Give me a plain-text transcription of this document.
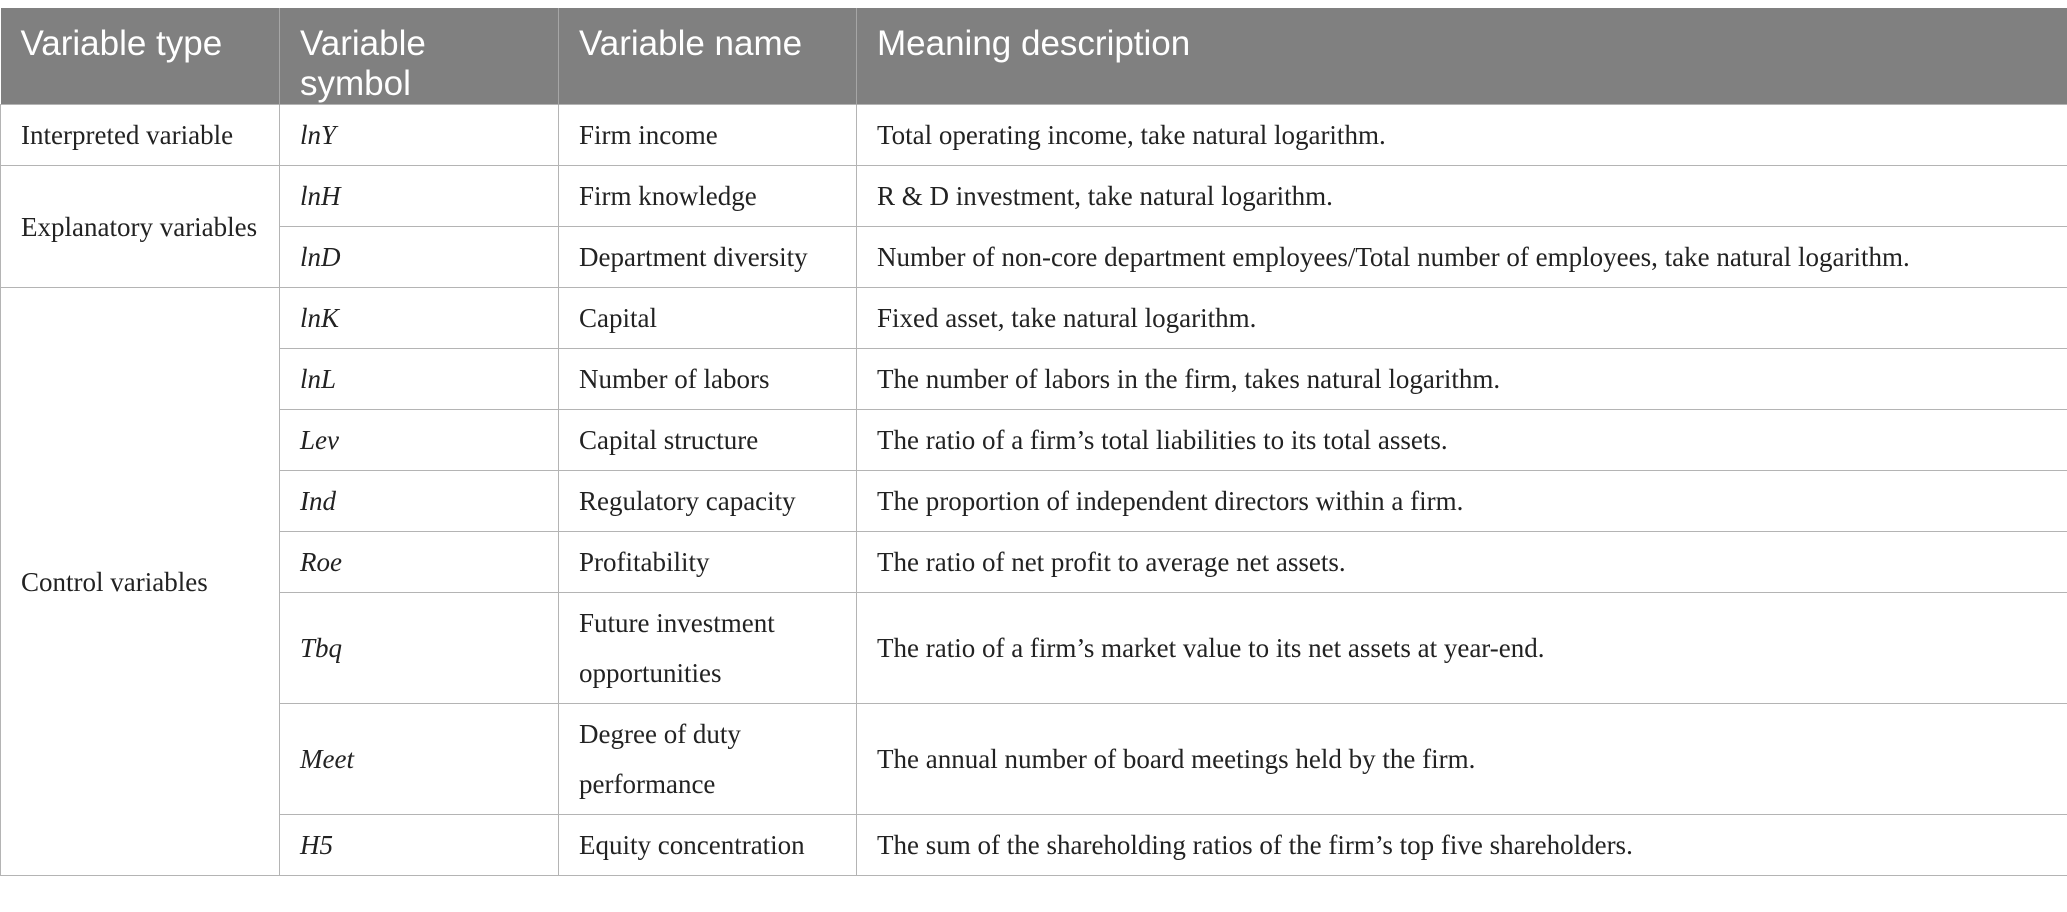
Variable type	Variable symbol	Variable name	Meaning description
Interpreted variable	lnY	Firm income	Total operating income, take natural logarithm.
Explanatory variables	lnH	Firm knowledge	R & D investment, take natural logarithm.
	lnD	Department diversity	Number of non-core department employees/Total number of employees, take natural logarithm.
Control variables	lnK	Capital	Fixed asset, take natural logarithm.
	lnL	Number of labors	The number of labors in the firm, takes natural logarithm.
	Lev	Capital structure	The ratio of a firm’s total liabilities to its total assets.
	Ind	Regulatory capacity	The proportion of independent directors within a firm.
	Roe	Profitability	The ratio of net profit to average net assets.
	Tbq	Future investment opportunities	The ratio of a firm’s market value to its net assets at year-end.
	Meet	Degree of duty performance	The annual number of board meetings held by the firm.
	H5	Equity concentration	The sum of the shareholding ratios of the firm’s top five shareholders.
